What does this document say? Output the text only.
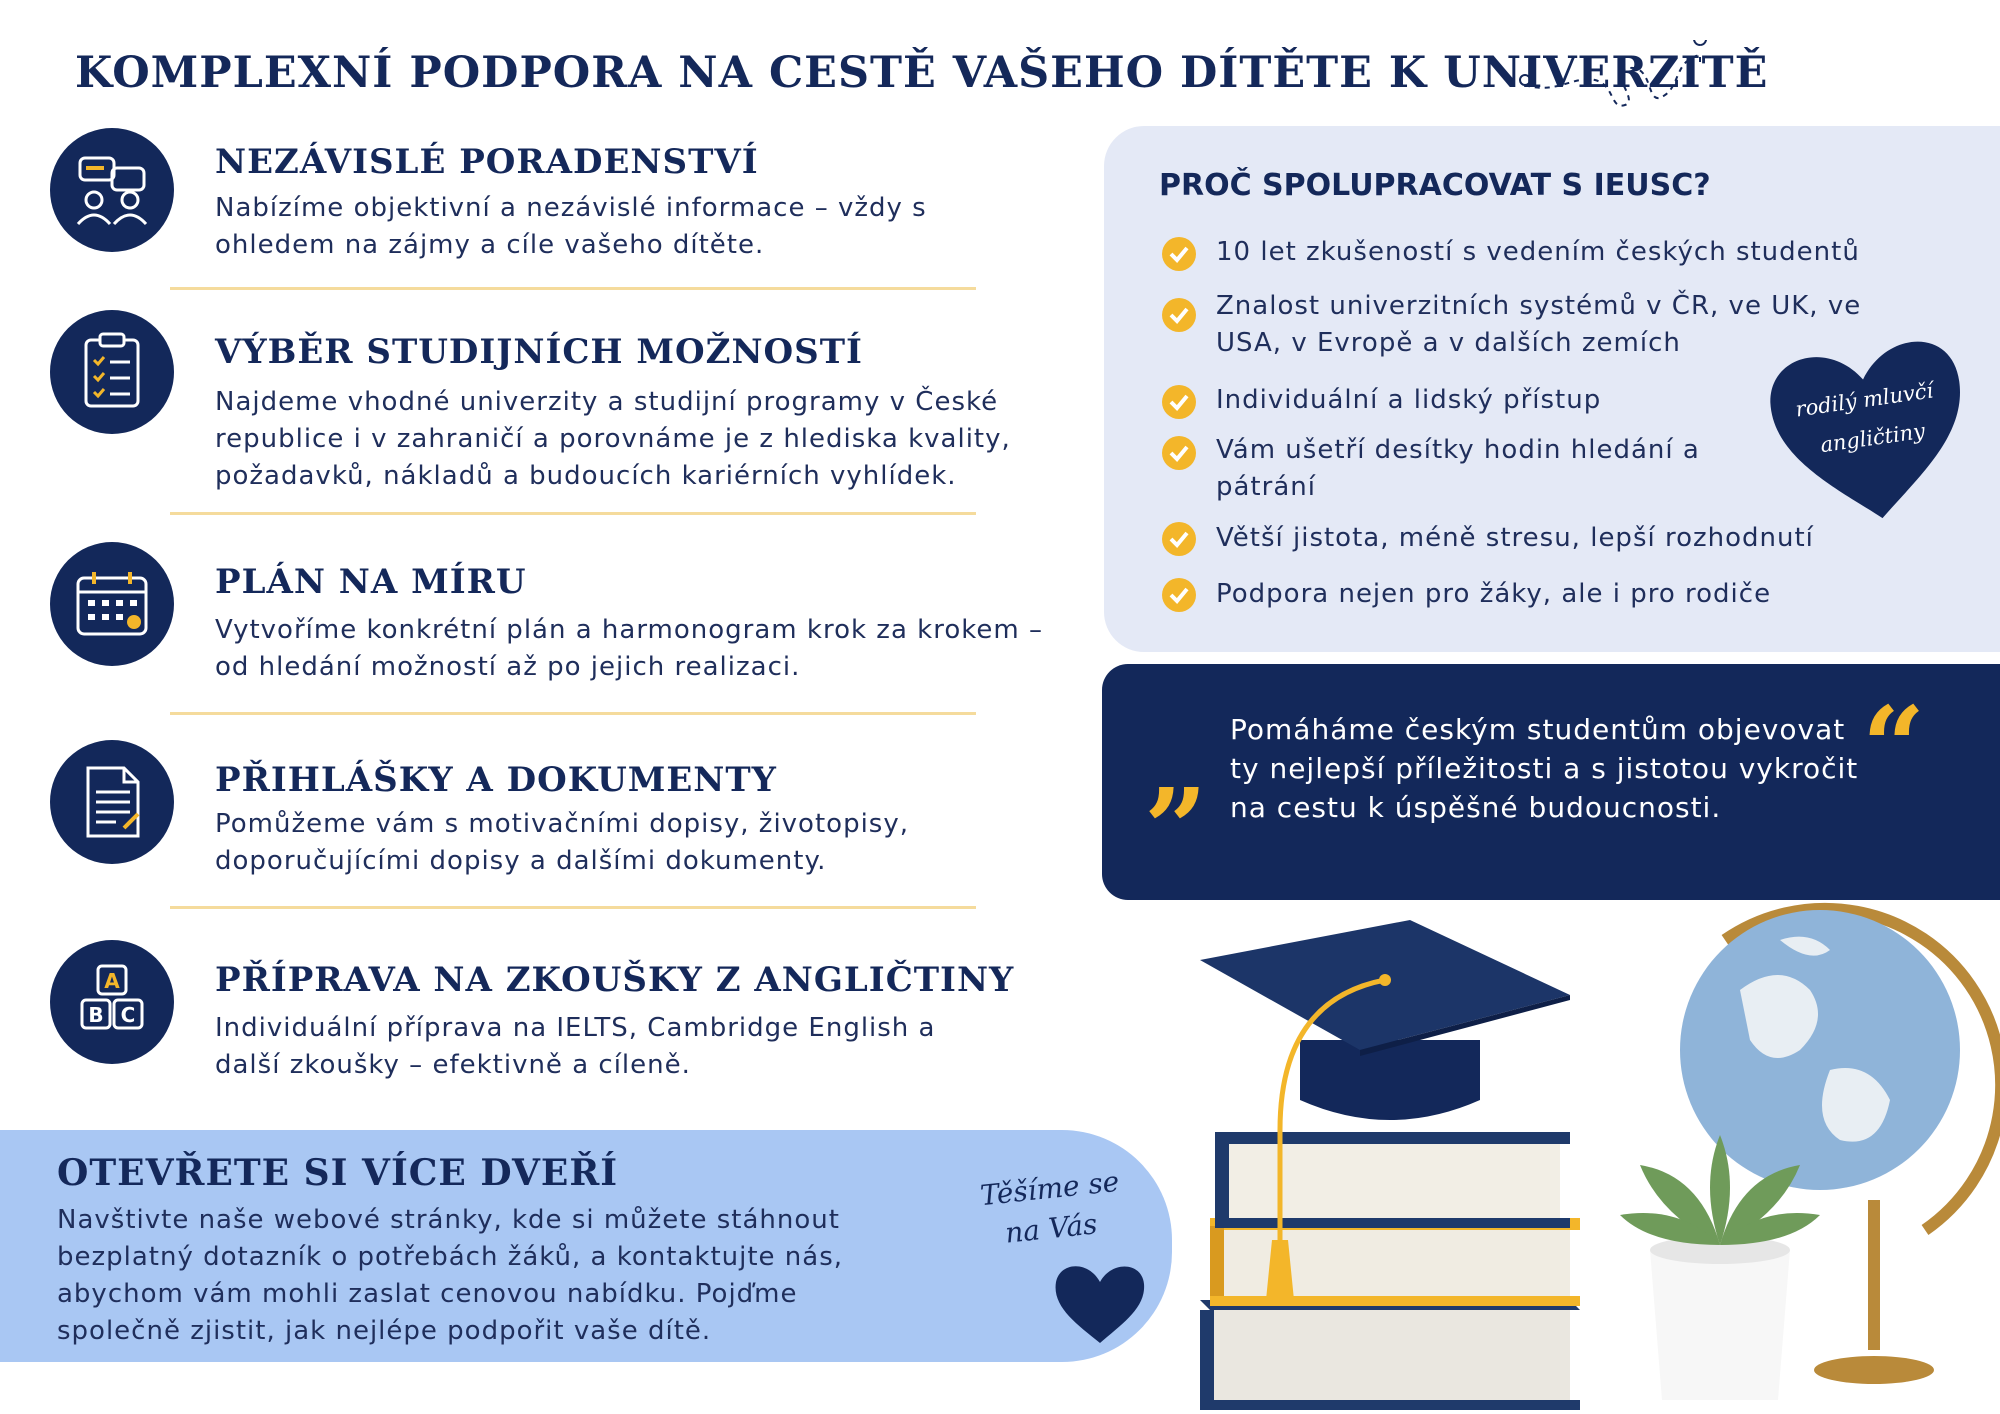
KOMPLEXNÍ PODPORA NA CESTĚ VAŠEHO DÍTĚTE K UNIVERZITĚ
NEZÁVISLÉ PORADENSTVÍ
Nabízíme objektivní a nezávislé informace – vždy s ohledem na zájmy a cíle vašeho dítěte.
VÝBĚR STUDIJNÍCH MOŽNOSTÍ
Najdeme vhodné univerzity a studijní programy v České republice i v zahraničí a porovnáme je z hlediska kvality, požadavků, nákladů a budoucích kariérních vyhlídek.
PLÁN NA MÍRU
Vytvoříme konkrétní plán a harmonogram krok za krokem – od hledání možností až po jejich realizaci.
PŘIHLÁŠKY A DOKUMENTY
Pomůžeme vám s motivačními dopisy, životopisy, doporučujícími dopisy a dalšími dokumenty.
A
B C
PŘÍPRAVA NA ZKOUŠKY Z ANGLIČTINY
Individuální příprava na IELTS, Cambridge English a další zkoušky – efektivně a cíleně.
PROČ SPOLUPRACOVAT S IEUSC?
10 let zkušeností s vedením českých studentů
Znalost univerzitních systémů v ČR, ve UK, ve USA, v Evropě a v dalších zemích
Individuální a lidský přístup
Vám ušetří desítky hodin hledání a pátrání
Větší jistota, méně stresu, lepší rozhodnutí
Podpora nejen pro žáky, ale i pro rodiče
rodilý mluvčí
angličtiny
“
”
Pomáháme českým studentům objevovat ty nejlepší příležitosti a s jistotou vykročit na cestu k úspěšné budoucnosti.
OTEVŘETE SI VÍCE DVEŘÍ
Navštivte naše webové stránky, kde si můžete stáhnout bezplatný dotazník o potřebách žáků, a kontaktujte nás, abychom vám mohli zaslat cenovou nabídku. Pojďme společně zjistit, jak nejlépe podpořit vaše dítě.
Těšíme se
na Vás
